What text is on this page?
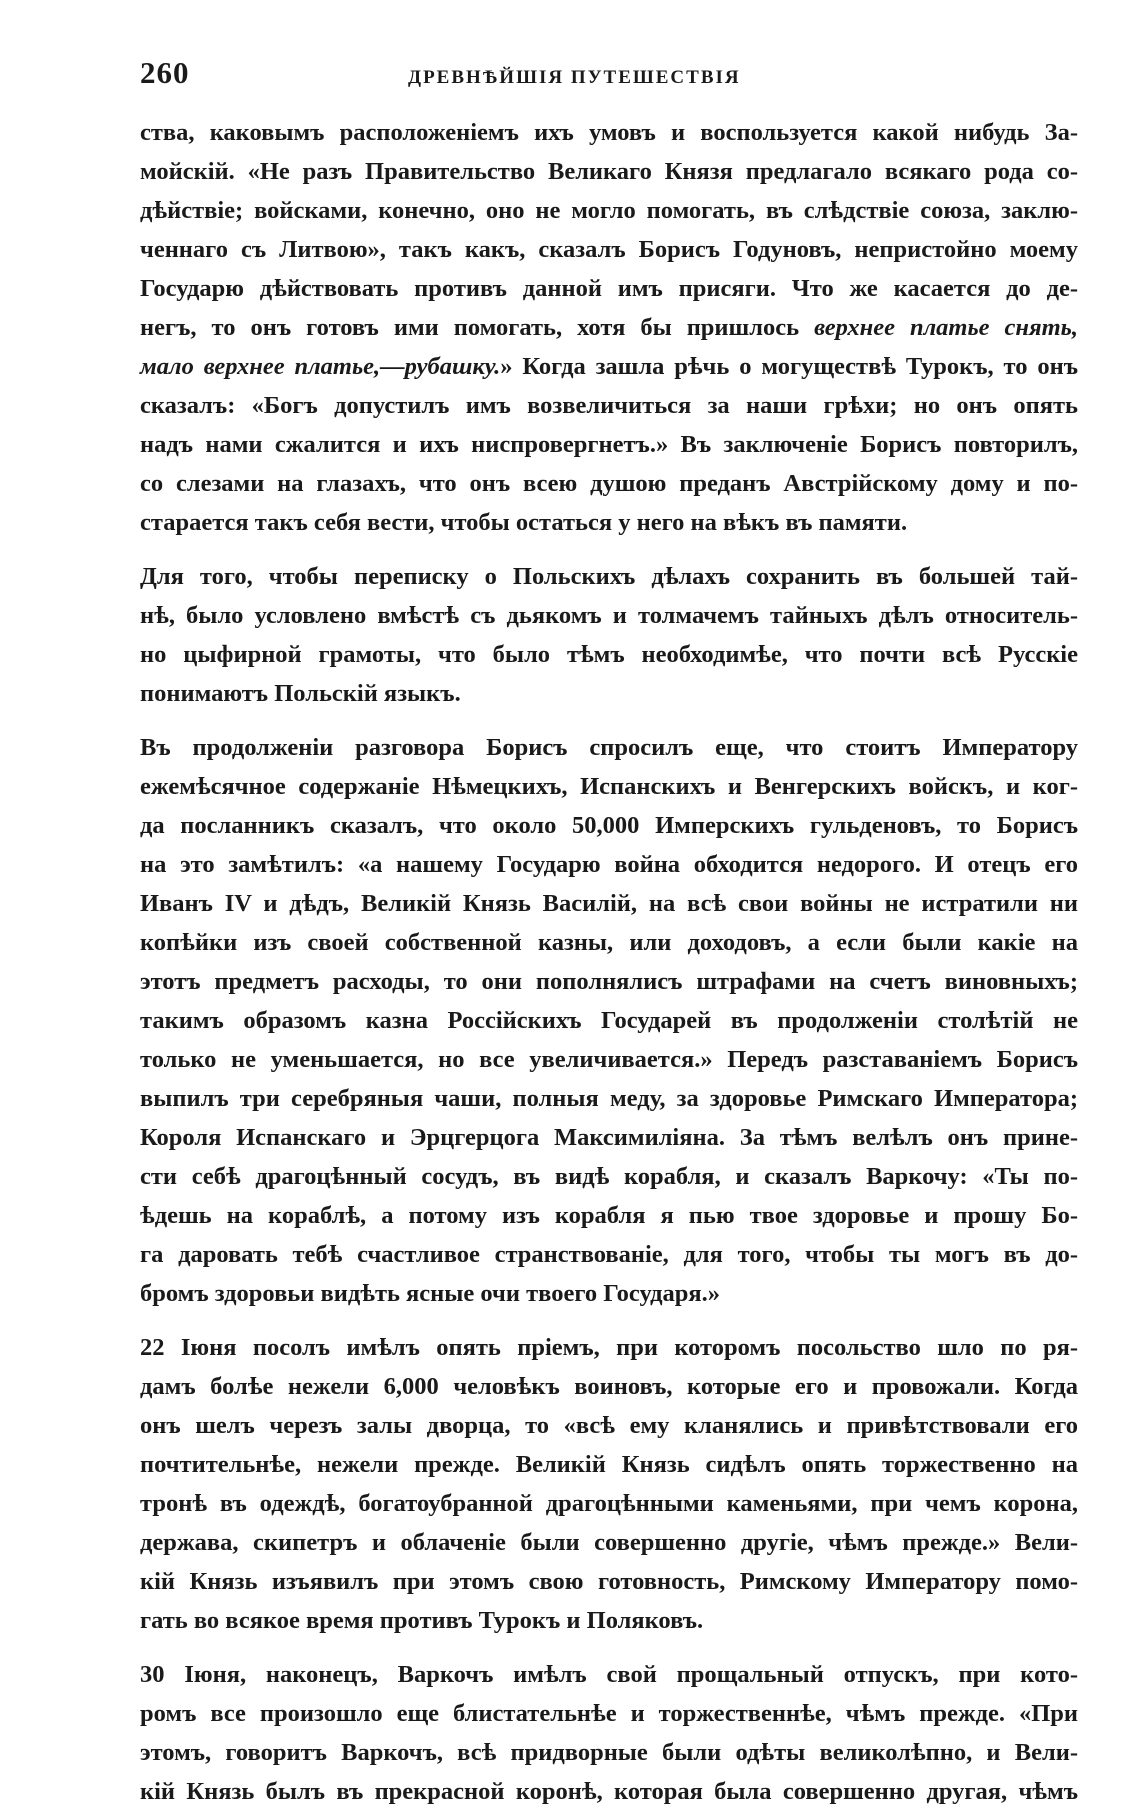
260	ДРЕВНѢЙШІЯ ПУТЕШЕСТВІЯ

ства, каковымъ расположеніемъ ихъ умовъ и воспользуется какой нибудь За-
мойскій. «Не разъ Правительство Великаго Князя предлагало всякаго рода со-
дѣйствіе; войсками, конечно, оно не могло помогать, въ слѣдствіе союза, заклю-
ченнаго съ Литвою», такъ какъ, сказалъ Борисъ Годуновъ, непристойно моему
Государю дѣйствовать противъ данной имъ присяги. Что же касается до де-
негъ, то онъ готовъ ими помогать, хотя бы пришлось верхнее платье снять,
мало верхнее платье,—рубашку.» Когда зашла рѣчь о могуществѣ Турокъ, то онъ
сказалъ: «Богъ допустилъ имъ возвеличиться за наши грѣхи; но онъ опять
надъ нами сжалится и ихъ ниспровергнетъ.» Въ заключеніе Борисъ повторилъ,
со слезами на глазахъ, что онъ всею душою преданъ Австрійскому дому и по-
старается такъ себя вести, чтобы остаться у него на вѣкъ въ памяти.

Для того, чтобы переписку о Польскихъ дѣлахъ сохранить въ большей тай-
нѣ, было условлено вмѣстѣ съ дьякомъ и толмачемъ тайныхъ дѣлъ относитель-
но цыфирной грамоты, что было тѣмъ необходимѣе, что почти всѣ Русскіе
понимаютъ Польскій языкъ.

Въ продолженіи разговора Борисъ спросилъ еще, что стоитъ Императору
ежемѣсячное содержаніе Нѣмецкихъ, Испанскихъ и Венгерскихъ войскъ, и ког-
да посланникъ сказалъ, что около 50,000 Имперскихъ гульденовъ, то Борисъ
на это замѣтилъ: «а нашему Государю война обходится недорого. И отецъ его
Иванъ IV и дѣдъ, Великій Князь Василій, на всѣ свои войны не истратили ни
копѣйки изъ своей собственной казны, или доходовъ, а если были какіе на
этотъ предметъ расходы, то они пополнялисъ штрафами на счетъ виновныхъ;
такимъ образомъ казна Россійскихъ Государей въ продолженіи столѣтій не
только не уменьшается, но все увеличивается.» Передъ разставаніемъ Борисъ
выпилъ три серебряныя чаши, полныя меду, за здоровье Римскаго Императора;
Короля Испанскаго и Эрцгерцога Максимиліяна. За тѣмъ велѣлъ онъ принe-
сти себѣ драгоцѣнный сосудъ, въ видѣ корабля, и сказалъ Варкочу: «Ты по-
ѣдешь на кораблѣ, а потому изъ корабля я пью твое здоровье и прошу Бо-
га даровать тебѣ счастливое странствованіе, для того, чтобы ты могъ въ до-
бромъ здоровьи видѣть ясные очи твоего Государя.»

22 Іюня посолъ имѣлъ опять пріемъ, при которомъ посольство шло по ря-
дамъ болѣе нежели 6,000 человѣкъ воиновъ, которые его и провожали. Когда
онъ шелъ черезъ залы дворца, то «всѣ ему кланялись и привѣтствовали его
почтительнѣе, нежели прежде. Великій Князь сидѣлъ опять торжественно на
тронѣ въ одеждѣ, богатоубранной драгоцѣнными каменьями, при чемъ корона,
держава, скипетръ и облаченіе были совершенно другіе, чѣмъ прежде.» Вели-
кій Князь изъявилъ при этомъ свою готовность, Римскому Императору помо-
гать во всякое время противъ Турокъ и Поляковъ.

30 Іюня, наконецъ, Варкочъ имѣлъ свой прощальный отпускъ, при кото-
ромъ все произошло еще блистательнѣе и торжественнѣе, чѣмъ прежде. «При
этомъ, говоритъ Варкочъ, всѣ придворные были одѣты великолѣпно, и Вели-
кій Князь былъ въ прекрасной коронѣ, которая была совершенно другая, чѣмъ
